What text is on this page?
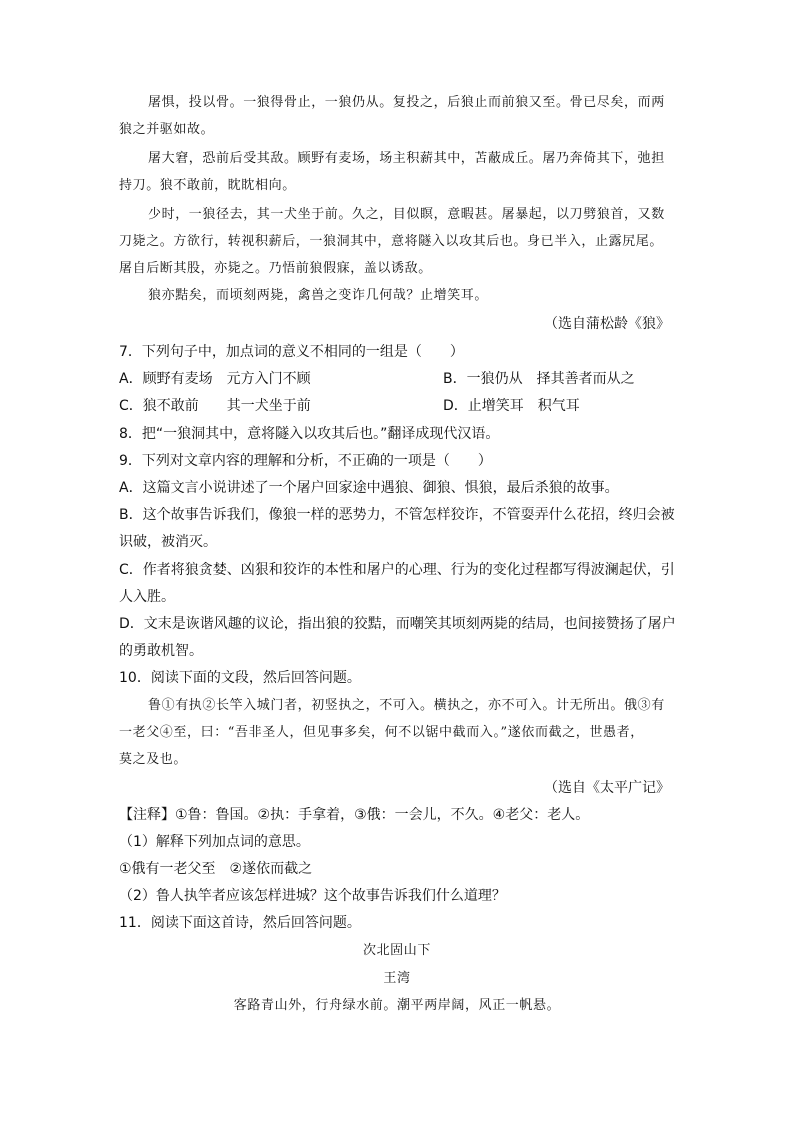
屠惧，投以骨。一狼得骨止，一狼仍从。复投之，后狼止而前狼又至。骨已尽矣，而两
狼之并驱如故。
屠大窘，恐前后受其敌。顾野有麦场，场主积薪其中，苫蔽成丘。屠乃奔倚其下，弛担
持刀。狼不敢前，眈眈相向。
少时，一狼径去，其一犬坐于前。久之，目似瞑，意暇甚。屠暴起，以刀劈狼首，又数
刀毙之。方欲行，转视积薪后，一狼洞其中，意将隧入以攻其后也。身已半入，止露尻尾。
屠自后断其股，亦毙之。乃悟前狼假寐，盖以诱敌。
狼亦黠矣，而顷刻两毙，禽兽之变诈几何哉？止增笑耳。
（选自蒲松龄《狼》
7．下列句子中，加点词的意义不相同的一组是（　　）
A．顾野有麦场　元方入门不顾	B．一狼仍从　择其善者而从之
C．狼不敢前　　其一犬坐于前	D．止增笑耳　积气耳
8．把“一狼洞其中，意将隧入以攻其后也。”翻译成现代汉语。
9．下列对文章内容的理解和分析，不正确的一项是（　　）
A．这篇文言小说讲述了一个屠户回家途中遇狼、御狼、惧狼，最后杀狼的故事。
B．这个故事告诉我们，像狼一样的恶势力，不管怎样狡诈，不管耍弄什么花招，终归会被
识破，被消灭。
C．作者将狼贪婪、凶狠和狡诈的本性和屠户的心理、行为的变化过程都写得波澜起伏，引
人入胜。
D．文末是诙谐风趣的议论，指出狼的狡黠，而嘲笑其顷刻两毙的结局，也间接赞扬了屠户
的勇敢机智。
10．阅读下面的文段，然后回答问题。
鲁①有执②长竿入城门者，初竖执之，不可入。横执之，亦不可入。计无所出。俄③有
一老父④至，曰：“吾非圣人，但见事多矣，何不以锯中截而入。”遂依而截之，世愚者，
莫之及也。
（选自《太平广记》
【注释】①鲁：鲁国。②执：手拿着，③俄：一会儿，不久。④老父：老人。
（1）解释下列加点词的意思。
①俄有一老父至　②遂依而截之
（2）鲁人执竿者应该怎样进城？这个故事告诉我们什么道理？
11．阅读下面这首诗，然后回答问题。
次北固山下
王湾
客路青山外，行舟绿水前。潮平两岸阔，风正一帆悬。
